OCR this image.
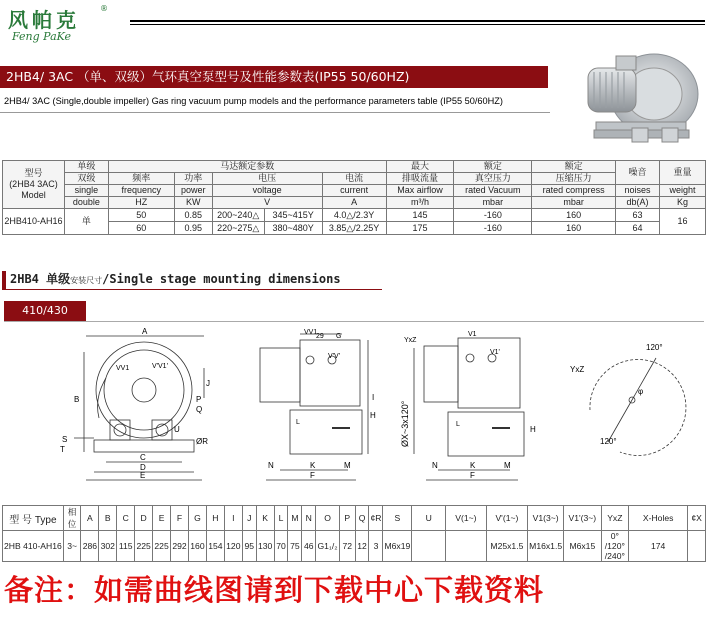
风帕克	®
Feng PaKe
2HB4/ 3AC （单、双级）气环真空泵型号及性能参数表(IP55 50/60HZ)
2HB4/ 3AC (Single,double impeller) Gas ring vacuum pump models and the performance parameters table (IP55 50/60HZ)
型号
(2HB4 3AC)
Model	单级	马达额定参数					最大	额定	额定	噪音	重量
	双级	频率	功率	电压		电流	排吸流量	真空压力	压缩压力		
	single	frequency	power	voltage		current	Max airflow	rated Vacuum	rated compress	noises	weight
	double	HZ	KW	V		A	m³/h	mbar	mbar	db(A)	Kg
2HB410-AH16	单	50	0.85	200~240△	345~415Y	4.0△/2.3Y	145	-160	160	63	16
		60	0.95	220~275△	380~480Y	3.85△/2.25Y	175	-160	160	64	
2HB4 单级安装尺寸/Single stage mounting dimensions
410/430
A
B
C
D
E
J
P
Q
ØR
U
S
T
VV1	V'V1'
VV1
29 G
V'V'
H
I
L
N	K	M
F
YxZ
V1
V1'
ØX~3x120°	H
L
N	K	M
F
YxZ
120°
120°
φ
型 号 Type	相位	A	B	C	D	E	F	G	H	I	J	K	L	M	N	O	P	Q	¢R	S	U	V(1~)	V'(1~)	V1(3~)	V1'(3~)	YxZ	X-Holes	¢X
2HB 410-AH16	3~	286	302	115	225	225	292	160	154	120	95	130	70	75	46	G1₁/₂	72	12	3	M6x19			M25x1.5	M16x1.5	M6x15	0° /120° /240°	174	
备注：如需曲线图请到下载中心下载资料
